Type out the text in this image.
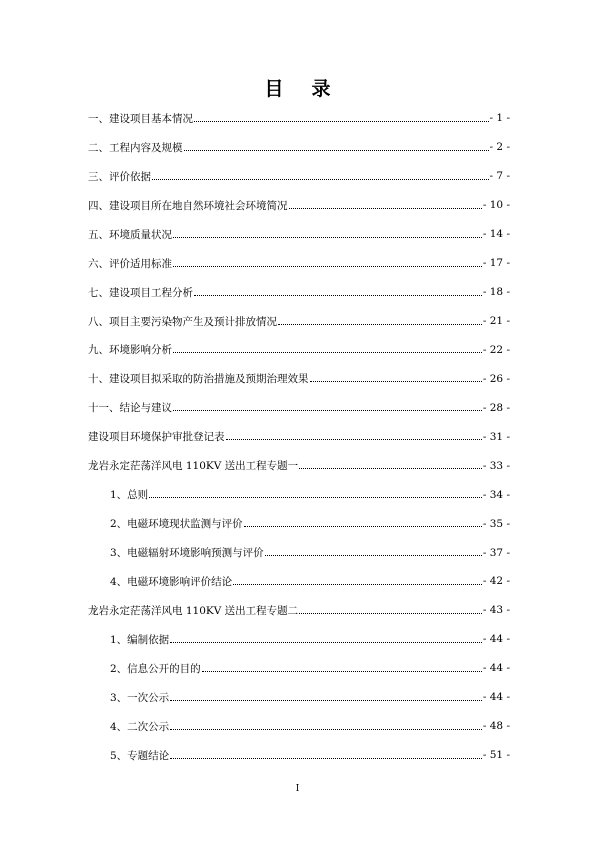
目 录
一、建设项目基本情况	- 1 -
二、工程内容及规模	- 2 -
三、评价依据	- 7 -
四、建设项目所在地自然环境社会环境简况	- 10 -
五、环境质量状况	- 14 -
六、评价适用标准	- 17 -
七、建设项目工程分析	- 18 -
八、项目主要污染物产生及预计排放情况	- 21 -
九、环境影响分析	- 22 -
十、建设项目拟采取的防治措施及预期治理效果	- 26 -
十一、结论与建议	- 28 -
建设项目环境保护审批登记表	- 31 -
龙岩永定茫荡洋风电 110KV 送出工程专题一	- 33 -
1、总则	- 34 -
2、电磁环境现状监测与评价	- 35 -
3、电磁辐射环境影响预测与评价	- 37 -
4、电磁环境影响评价结论	- 42 -
龙岩永定茫荡洋风电 110KV 送出工程专题二	- 43 -
1、编制依据	- 44 -
2、信息公开的目的	- 44 -
3、一次公示	- 44 -
4、二次公示	- 48 -
5、专题结论	- 51 -
I
